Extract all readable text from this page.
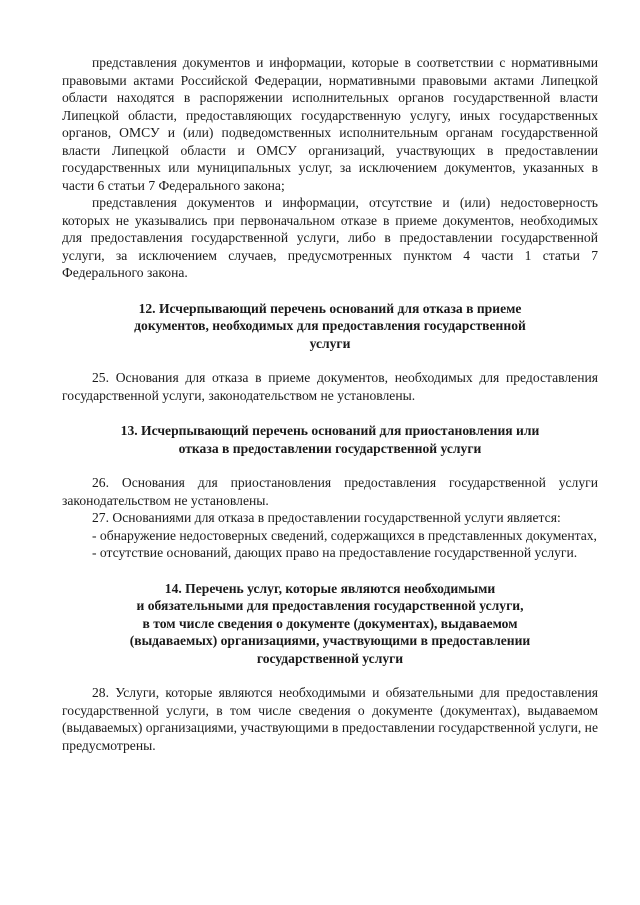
представления документов и информации, которые в соответствии с нормативными правовыми актами Российской Федерации, нормативными правовыми актами Липецкой области находятся в распоряжении исполнительных органов государственной власти Липецкой области, предоставляющих государственную услугу, иных государственных органов, ОМСУ и (или) подведомственных исполнительным органам государственной власти Липецкой области и ОМСУ организаций, участвующих в предоставлении государственных или муниципальных услуг, за исключением документов, указанных в части 6 статьи 7 Федерального закона;

представления документов и информации, отсутствие и (или) недостоверность которых не указывались при первоначальном отказе в приеме документов, необходимых для предоставления государственной услуги, либо в предоставлении государственной услуги, за исключением случаев, предусмотренных пунктом 4 части 1 статьи 7 Федерального закона.

12. Исчерпывающий перечень оснований для отказа в приеме
документов, необходимых для предоставления государственной
услуги

25. Основания для отказа в приеме документов, необходимых для предоставления государственной услуги, законодательством не установлены.

13. Исчерпывающий перечень оснований для приостановления или
отказа в предоставлении государственной услуги

26. Основания для приостановления предоставления государственной услуги законодательством не установлены.

27. Основаниями для отказа в предоставлении государственной услуги является:

- обнаружение недостоверных сведений, содержащихся в представленных документах,

- отсутствие оснований, дающих право на предоставление государственной услуги.

14. Перечень услуг, которые являются необходимыми
и обязательными для предоставления государственной услуги,
в том числе сведения о документе (документах), выдаваемом
(выдаваемых) организациями, участвующими в предоставлении
государственной услуги

28. Услуги, которые являются необходимыми и обязательными для предоставления государственной услуги, в том числе сведения о документе (документах), выдаваемом (выдаваемых) организациями, участвующими в предоставлении государственной услуги, не предусмотрены.
